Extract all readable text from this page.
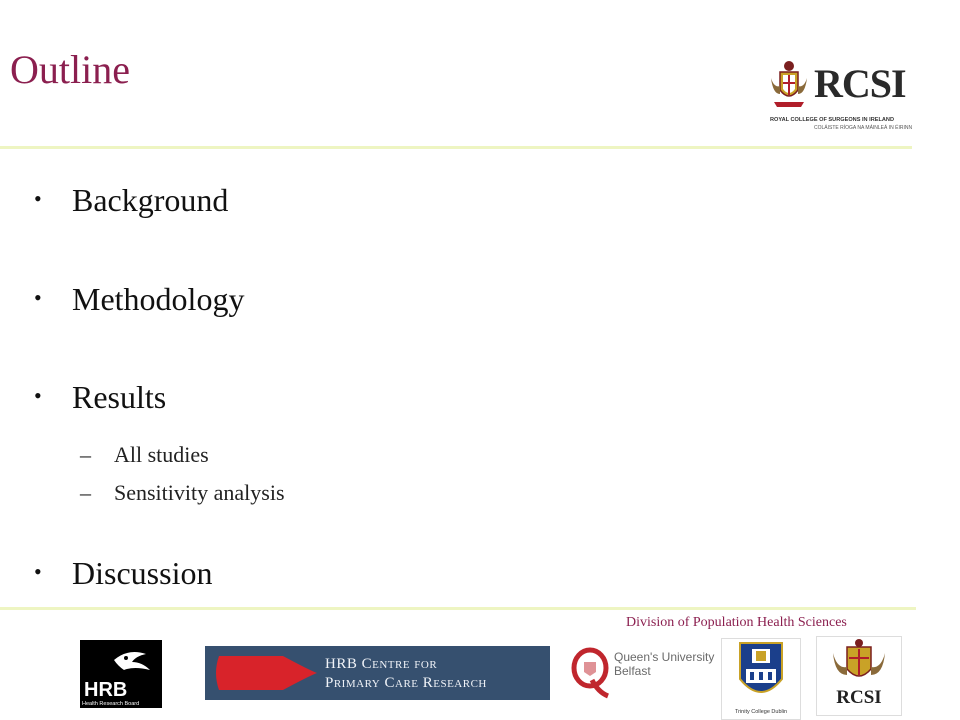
Outline	RCSI
ROYAL COLLEGE OF SURGEONS IN IRELAND
COLÁISTE RÍOGA NA MÁINLEÁ IN ÉIRINN
• Background
• Methodology
• Results
– All studies
– Sensitivity analysis
• Discussion
Division of Population Health Sciences
HRB
Health Research Board
HRB Centre for
Primary Care Research
Queen's University
Belfast
Trinity College Dublin
RCSI
